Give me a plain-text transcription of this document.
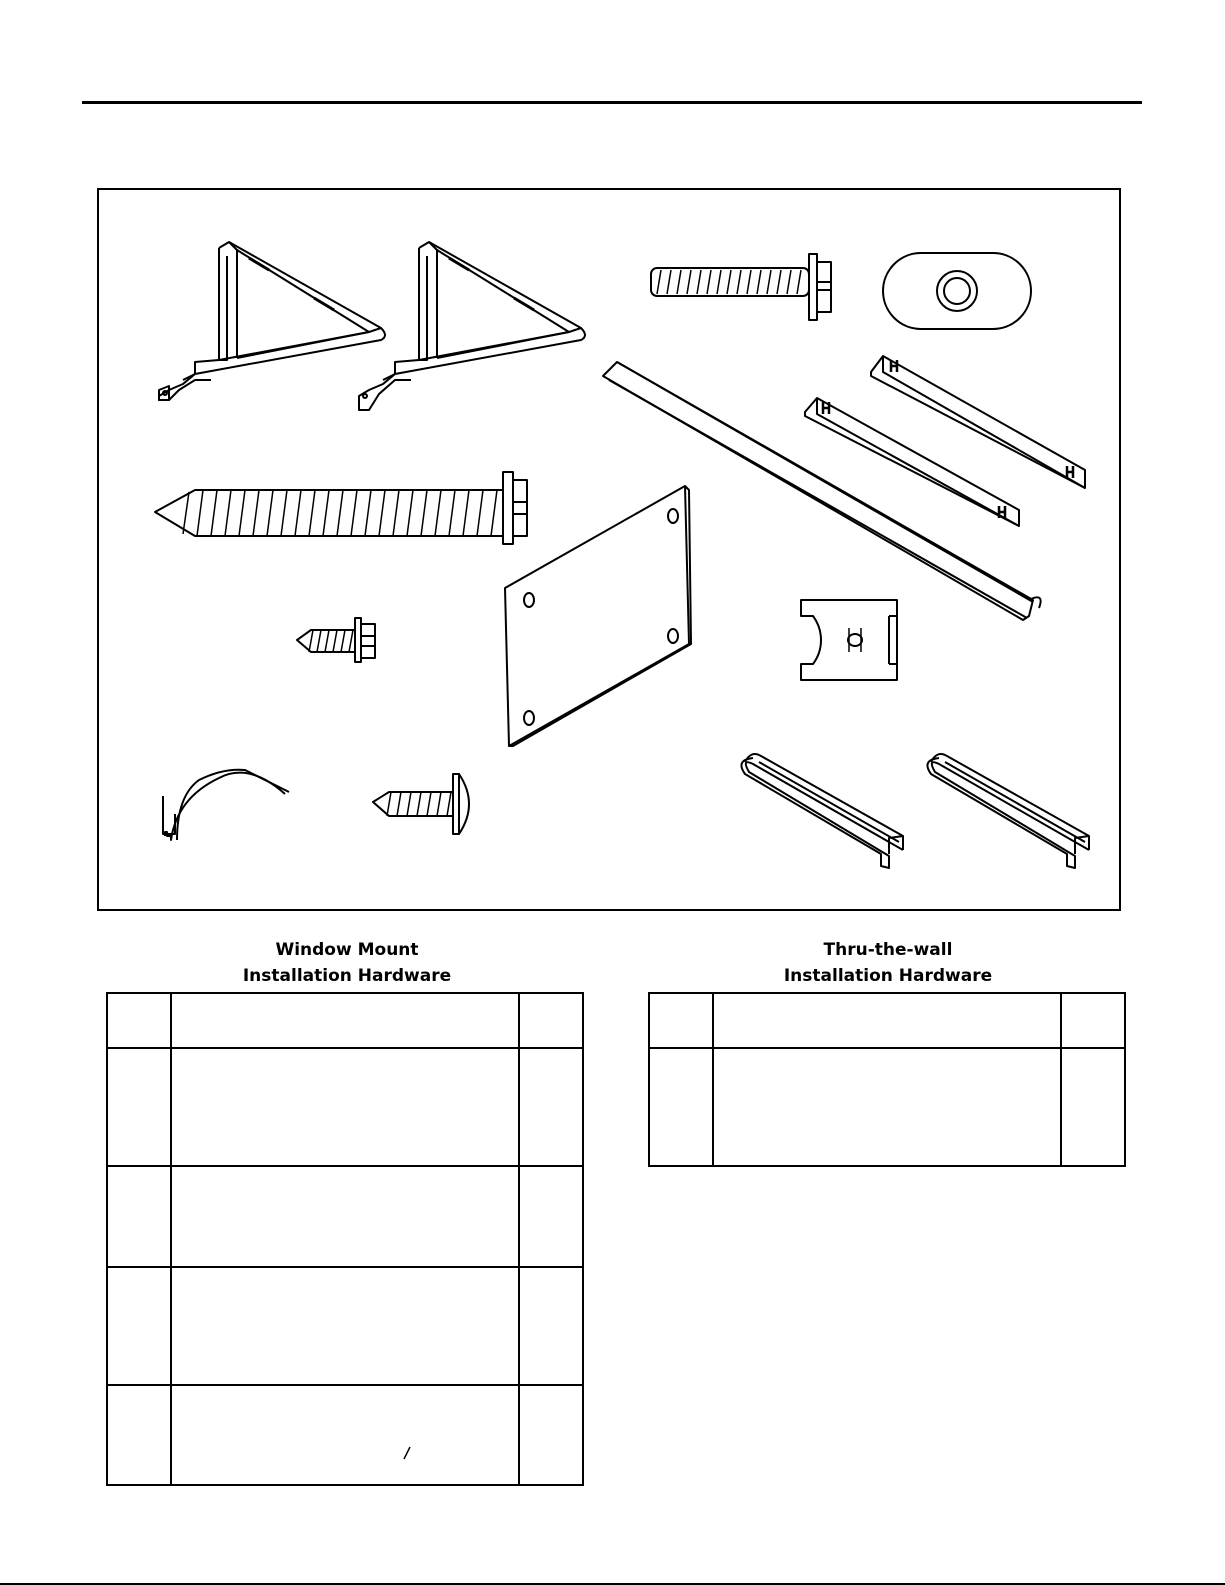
Window Mount
Installation Hardware
Thru-the-wall
Installation Hardware
